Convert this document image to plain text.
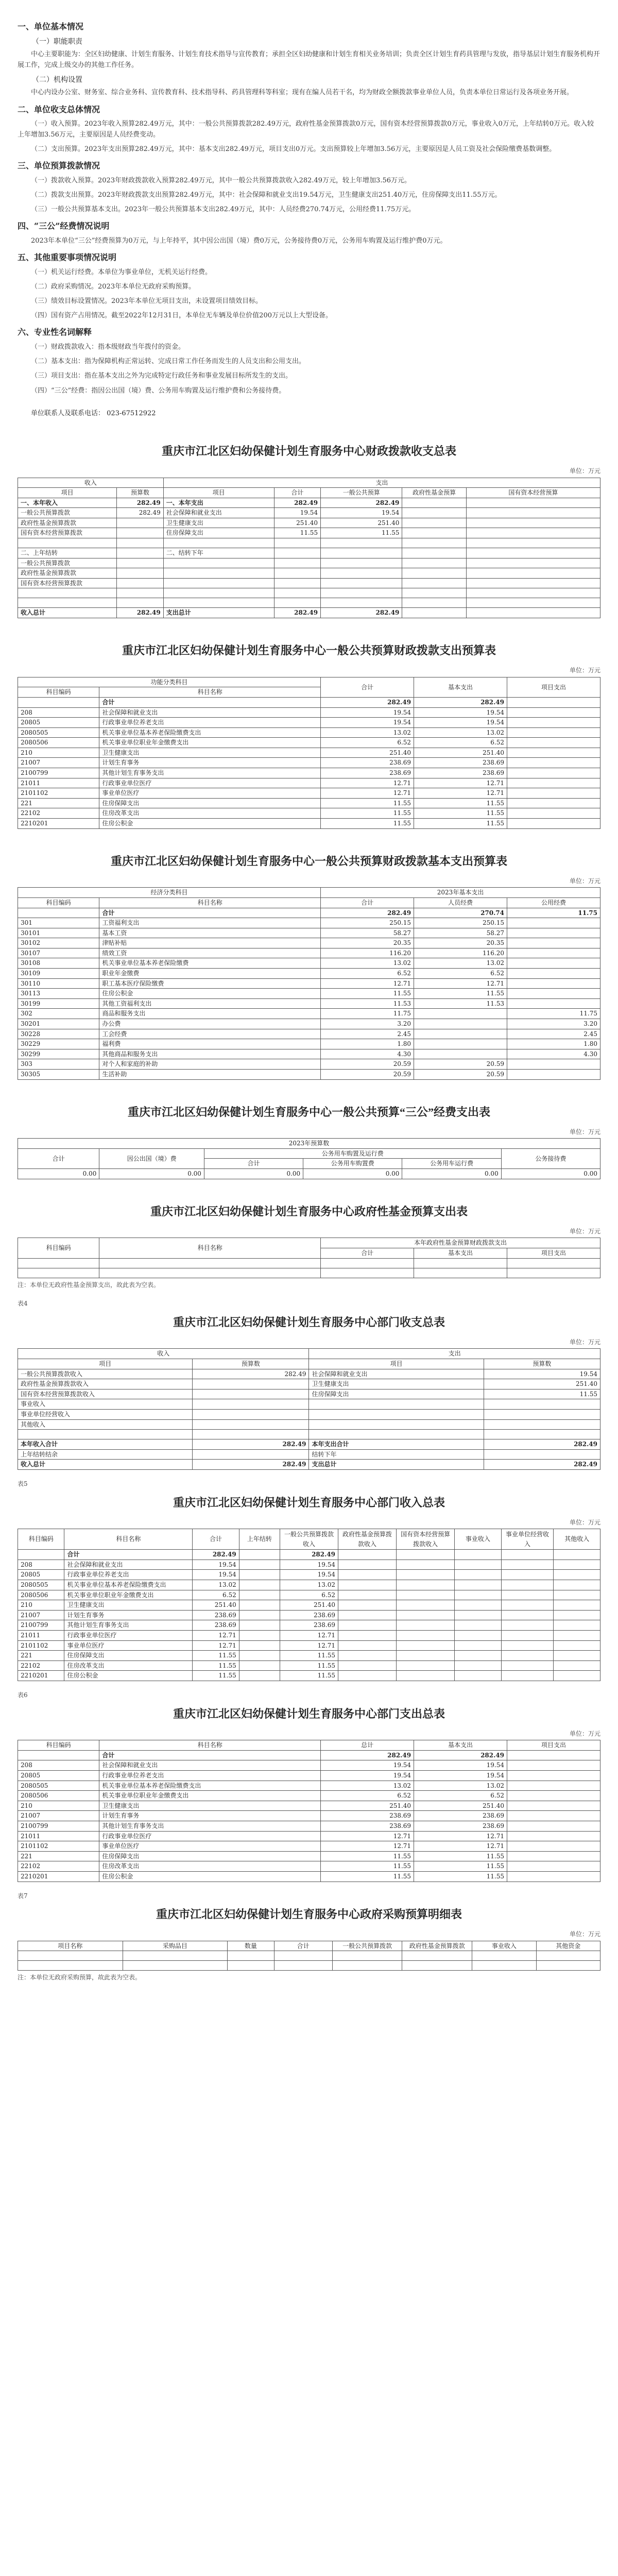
一、单位基本情况
（一）职能职责

中心主要职能为：全区妇幼健康、计划生育服务、计划生育技术指导与宣传教育；承担全区妇幼健康和计划生育相关业务培训；负责全区计划生育药具管理与发放，指导基层计划生育服务机构开展工作，完成上级交办的其他工作任务。

（二）机构设置

中心内设办公室、财务室、综合业务科、宣传教育科、技术指导科、药具管理科等科室；现有在编人员若干名，均为财政全额拨款事业单位人员，负责本单位日常运行及各项业务开展。

二、单位收支总体情况

（一）收入预算。2023年收入预算282.49万元，其中：一般公共预算拨款282.49万元，政府性基金预算拨款0万元，国有资本经营预算拨款0万元，事业收入0万元，上年结转0万元。收入较上年增加3.56万元，主要原因是人员经费变动。

（二）支出预算。2023年支出预算282.49万元，其中：基本支出282.49万元，项目支出0万元。支出预算较上年增加3.56万元，主要原因是人员工资及社会保险缴费基数调整。

三、单位预算拨款情况

（一）拨款收入预算。2023年财政拨款收入预算282.49万元，其中一般公共预算拨款收入282.49万元，较上年增加3.56万元。

（二）拨款支出预算。2023年财政拨款支出预算282.49万元，其中：社会保障和就业支出19.54万元，卫生健康支出251.40万元，住房保障支出11.55万元。

（三）一般公共预算基本支出。2023年一般公共预算基本支出282.49万元，其中：人员经费270.74万元，公用经费11.75万元。

四、“三公”经费情况说明

2023年本单位“三公”经费预算为0万元，与上年持平，其中因公出国（境）费0万元，公务接待费0万元，公务用车购置及运行维护费0万元。

五、其他重要事项情况说明

（一）机关运行经费。本单位为事业单位，无机关运行经费。

（二）政府采购情况。2023年本单位无政府采购预算。

（三）绩效目标设置情况。2023年本单位无项目支出，未设置项目绩效目标。

（四）国有资产占用情况。截至2022年12月31日，本单位无车辆及单位价值200万元以上大型设备。

六、专业性名词解释

（一）财政拨款收入：指本级财政当年拨付的资金。

（二）基本支出：指为保障机构正常运转、完成日常工作任务而发生的人员支出和公用支出。

（三）项目支出：指在基本支出之外为完成特定行政任务和事业发展目标所发生的支出。

（四）“三公”经费：指因公出国（境）费、公务用车购置及运行维护费和公务接待费。

单位联系人及联系电话： 023-67512922
重庆市江北区妇幼保健计划生育服务中心财政拨款收支总表
单位：万元
收入		支出				
项目	预算数	项目	合计	一般公共预算	政府性基金预算	国有资本经营预算
一、本年收入	282.49	一、本年支出	282.49	282.49		
一般公共预算拨款	282.49	社会保障和就业支出	19.54	19.54		
政府性基金预算拨款		卫生健康支出	251.40	251.40		
国有资本经营预算拨款		住房保障支出	11.55	11.55		

二、上年结转		二、结转下年				
一般公共预算拨款						
政府性基金预算拨款						
国有资本经营预算拨款						

收入总计	282.49	支出总计	282.49	282.49		
重庆市江北区妇幼保健计划生育服务中心一般公共预算财政拨款支出预算表
单位：万元
功能分类科目		合计	基本支出	项目支出
科目编码	科目名称			
	合计	282.49	282.49	
208	社会保障和就业支出	19.54	19.54	
20805	行政事业单位养老支出	19.54	19.54	
2080505	机关事业单位基本养老保险缴费支出	13.02	13.02	
2080506	机关事业单位职业年金缴费支出	6.52	6.52	
210	卫生健康支出	251.40	251.40	
21007	计划生育事务	238.69	238.69	
2100799	其他计划生育事务支出	238.69	238.69	
21011	行政事业单位医疗	12.71	12.71	
2101102	事业单位医疗	12.71	12.71	
221	住房保障支出	11.55	11.55	
22102	住房改革支出	11.55	11.55	
2210201	住房公积金	11.55	11.55	
重庆市江北区妇幼保健计划生育服务中心一般公共预算财政拨款基本支出预算表
单位：万元
经济分类科目		2023年基本支出		
科目编码	科目名称	合计	人员经费	公用经费
	合计	282.49	270.74	11.75
301	工资福利支出	250.15	250.15	
30101	基本工资	58.27	58.27	
30102	津贴补贴	20.35	20.35	
30107	绩效工资	116.20	116.20	
30108	机关事业单位基本养老保险缴费	13.02	13.02	
30109	职业年金缴费	6.52	6.52	
30110	职工基本医疗保险缴费	12.71	12.71	
30113	住房公积金	11.55	11.55	
30199	其他工资福利支出	11.53	11.53	
302	商品和服务支出	11.75		11.75
30201	办公费	3.20		3.20
30228	工会经费	2.45		2.45
30229	福利费	1.80		1.80
30299	其他商品和服务支出	4.30		4.30
303	对个人和家庭的补助	20.59	20.59	
30305	生活补助	20.59	20.59	
重庆市江北区妇幼保健计划生育服务中心一般公共预算“三公”经费支出表
单位：万元
2023年预算数					
合计	因公出国（境）费	公务用车购置及运行费			公务接待费
		合计	公务用车购置费	公务用车运行费	
0.00	0.00	0.00	0.00	0.00	0.00
重庆市江北区妇幼保健计划生育服务中心政府性基金预算支出表
单位：万元
科目编码	科目名称	本年政府性基金预算财政拨款支出		
		合计	基本支出	项目支出

注：本单位无政府性基金预算支出，故此表为空表。
表4
重庆市江北区妇幼保健计划生育服务中心部门收支总表
单位：万元
收入		支出	
项目	预算数	项目	预算数
一般公共预算拨款收入	282.49	社会保障和就业支出	19.54
政府性基金预算拨款收入		卫生健康支出	251.40
国有资本经营预算拨款收入		住房保障支出	11.55
事业收入			
事业单位经营收入			
其他收入			

本年收入合计	282.49	本年支出合计	282.49
上年结转结余		结转下年	
收入总计	282.49	支出总计	282.49
表5
重庆市江北区妇幼保健计划生育服务中心部门收入总表
单位：万元
科目编码	科目名称	合计	上年结转	一般公共预算拨款收入	政府性基金预算拨款收入	国有资本经营预算拨款收入	事业收入	事业单位经营收入	其他收入
	合计	282.49		282.49					
208	社会保障和就业支出	19.54		19.54					
20805	行政事业单位养老支出	19.54		19.54					
2080505	机关事业单位基本养老保险缴费支出	13.02		13.02					
2080506	机关事业单位职业年金缴费支出	6.52		6.52					
210	卫生健康支出	251.40		251.40					
21007	计划生育事务	238.69		238.69					
2100799	其他计划生育事务支出	238.69		238.69					
21011	行政事业单位医疗	12.71		12.71					
2101102	事业单位医疗	12.71		12.71					
221	住房保障支出	11.55		11.55					
22102	住房改革支出	11.55		11.55					
2210201	住房公积金	11.55		11.55					
表6
重庆市江北区妇幼保健计划生育服务中心部门支出总表
单位：万元
科目编码	科目名称	总计	基本支出	项目支出
	合计	282.49	282.49	
208	社会保障和就业支出	19.54	19.54	
20805	行政事业单位养老支出	19.54	19.54	
2080505	机关事业单位基本养老保险缴费支出	13.02	13.02	
2080506	机关事业单位职业年金缴费支出	6.52	6.52	
210	卫生健康支出	251.40	251.40	
21007	计划生育事务	238.69	238.69	
2100799	其他计划生育事务支出	238.69	238.69	
21011	行政事业单位医疗	12.71	12.71	
2101102	事业单位医疗	12.71	12.71	
221	住房保障支出	11.55	11.55	
22102	住房改革支出	11.55	11.55	
2210201	住房公积金	11.55	11.55	
表7
重庆市江北区妇幼保健计划生育服务中心政府采购预算明细表
单位：万元
项目名称	采购品目	数量	合计	一般公共预算拨款	政府性基金预算拨款	事业收入	其他资金

注：本单位无政府采购预算，故此表为空表。
